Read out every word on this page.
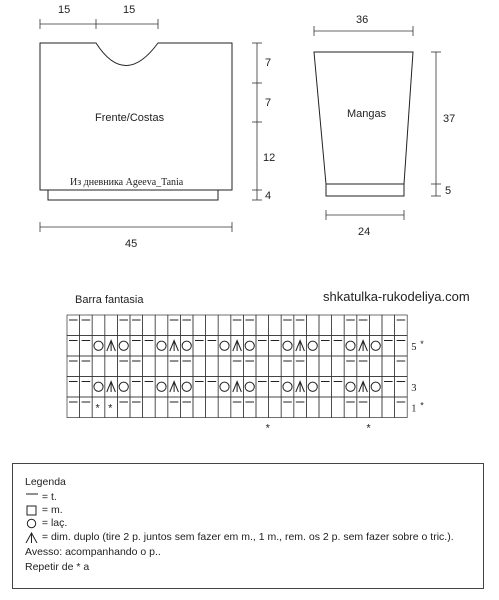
15	15
Frente/Costas
Из дневника Ageeva_Tania
7
7
12
4
45
36
Mangas	37
5
24
Barra fantasia
* *
5 *
3
1 *
*	*
shkatulka-rukodeliya.com
Legenda
= t.
= m.
= laç.
= dim. duplo (tire 2 p. juntos sem fazer em m., 1 m., rem. os 2 p. sem fazer sobre o tric.).
Avesso: acompanhando o p..
Repetir de * a
